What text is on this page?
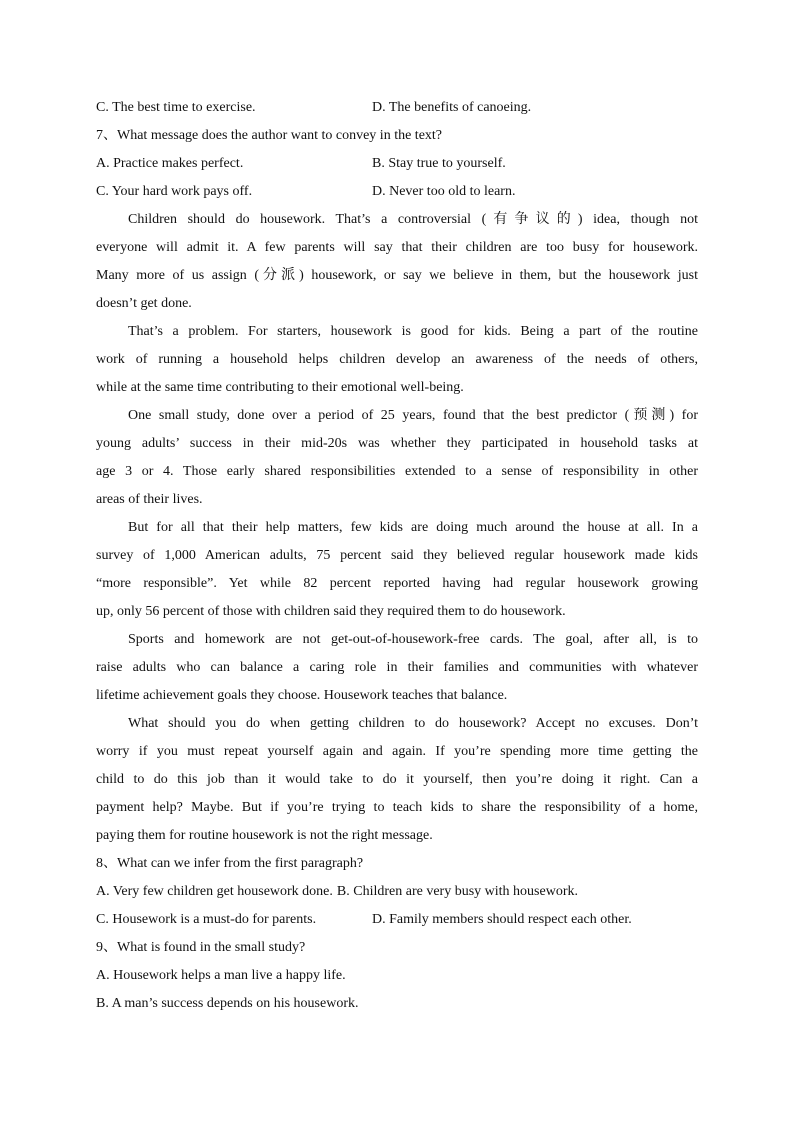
C. The best time to exercise.	D. The benefits of canoeing.
7、What message does the author want to convey in the text?
A. Practice makes perfect.	B. Stay true to yourself.
C. Your hard work pays off.	D. Never too old to learn.
Children should do housework. That’s a controversial (有争议的) idea, though not
everyone will admit it. A few parents will say that their children are too busy for housework.
Many more of us assign (分派) housework, or say we believe in them, but the housework just
doesn’t get done.
That’s a problem. For starters, housework is good for kids. Being a part of the routine
work of running a household helps children develop an awareness of the needs of others,
while at the same time contributing to their emotional well-being.
One small study, done over a period of 25 years, found that the best predictor (预测) for
young adults’ success in their mid-20s was whether they participated in household tasks at
age 3 or 4. Those early shared responsibilities extended to a sense of responsibility in other
areas of their lives.
But for all that their help matters, few kids are doing much around the house at all. In a
survey of 1,000 American adults, 75 percent said they believed regular housework made kids
“more responsible”. Yet while 82 percent reported having had regular housework growing
up, only 56 percent of those with children said they required them to do housework.
Sports and homework are not get-out-of-housework-free cards. The goal, after all, is to
raise adults who can balance a caring role in their families and communities with whatever
lifetime achievement goals they choose. Housework teaches that balance.
What should you do when getting children to do housework? Accept no excuses. Don’t
worry if you must repeat yourself again and again. If you’re spending more time getting the
child to do this job than it would take to do it yourself, then you’re doing it right. Can a
payment help? Maybe. But if you’re trying to teach kids to share the responsibility of a home,
paying them for routine housework is not the right message.
8、What can we infer from the first paragraph?
A. Very few children get housework done. B. Children are very busy with housework.
C. Housework is a must-do for parents.	D. Family members should respect each other.
9、What is found in the small study?
A. Housework helps a man live a happy life.
B. A man’s success depends on his housework.
